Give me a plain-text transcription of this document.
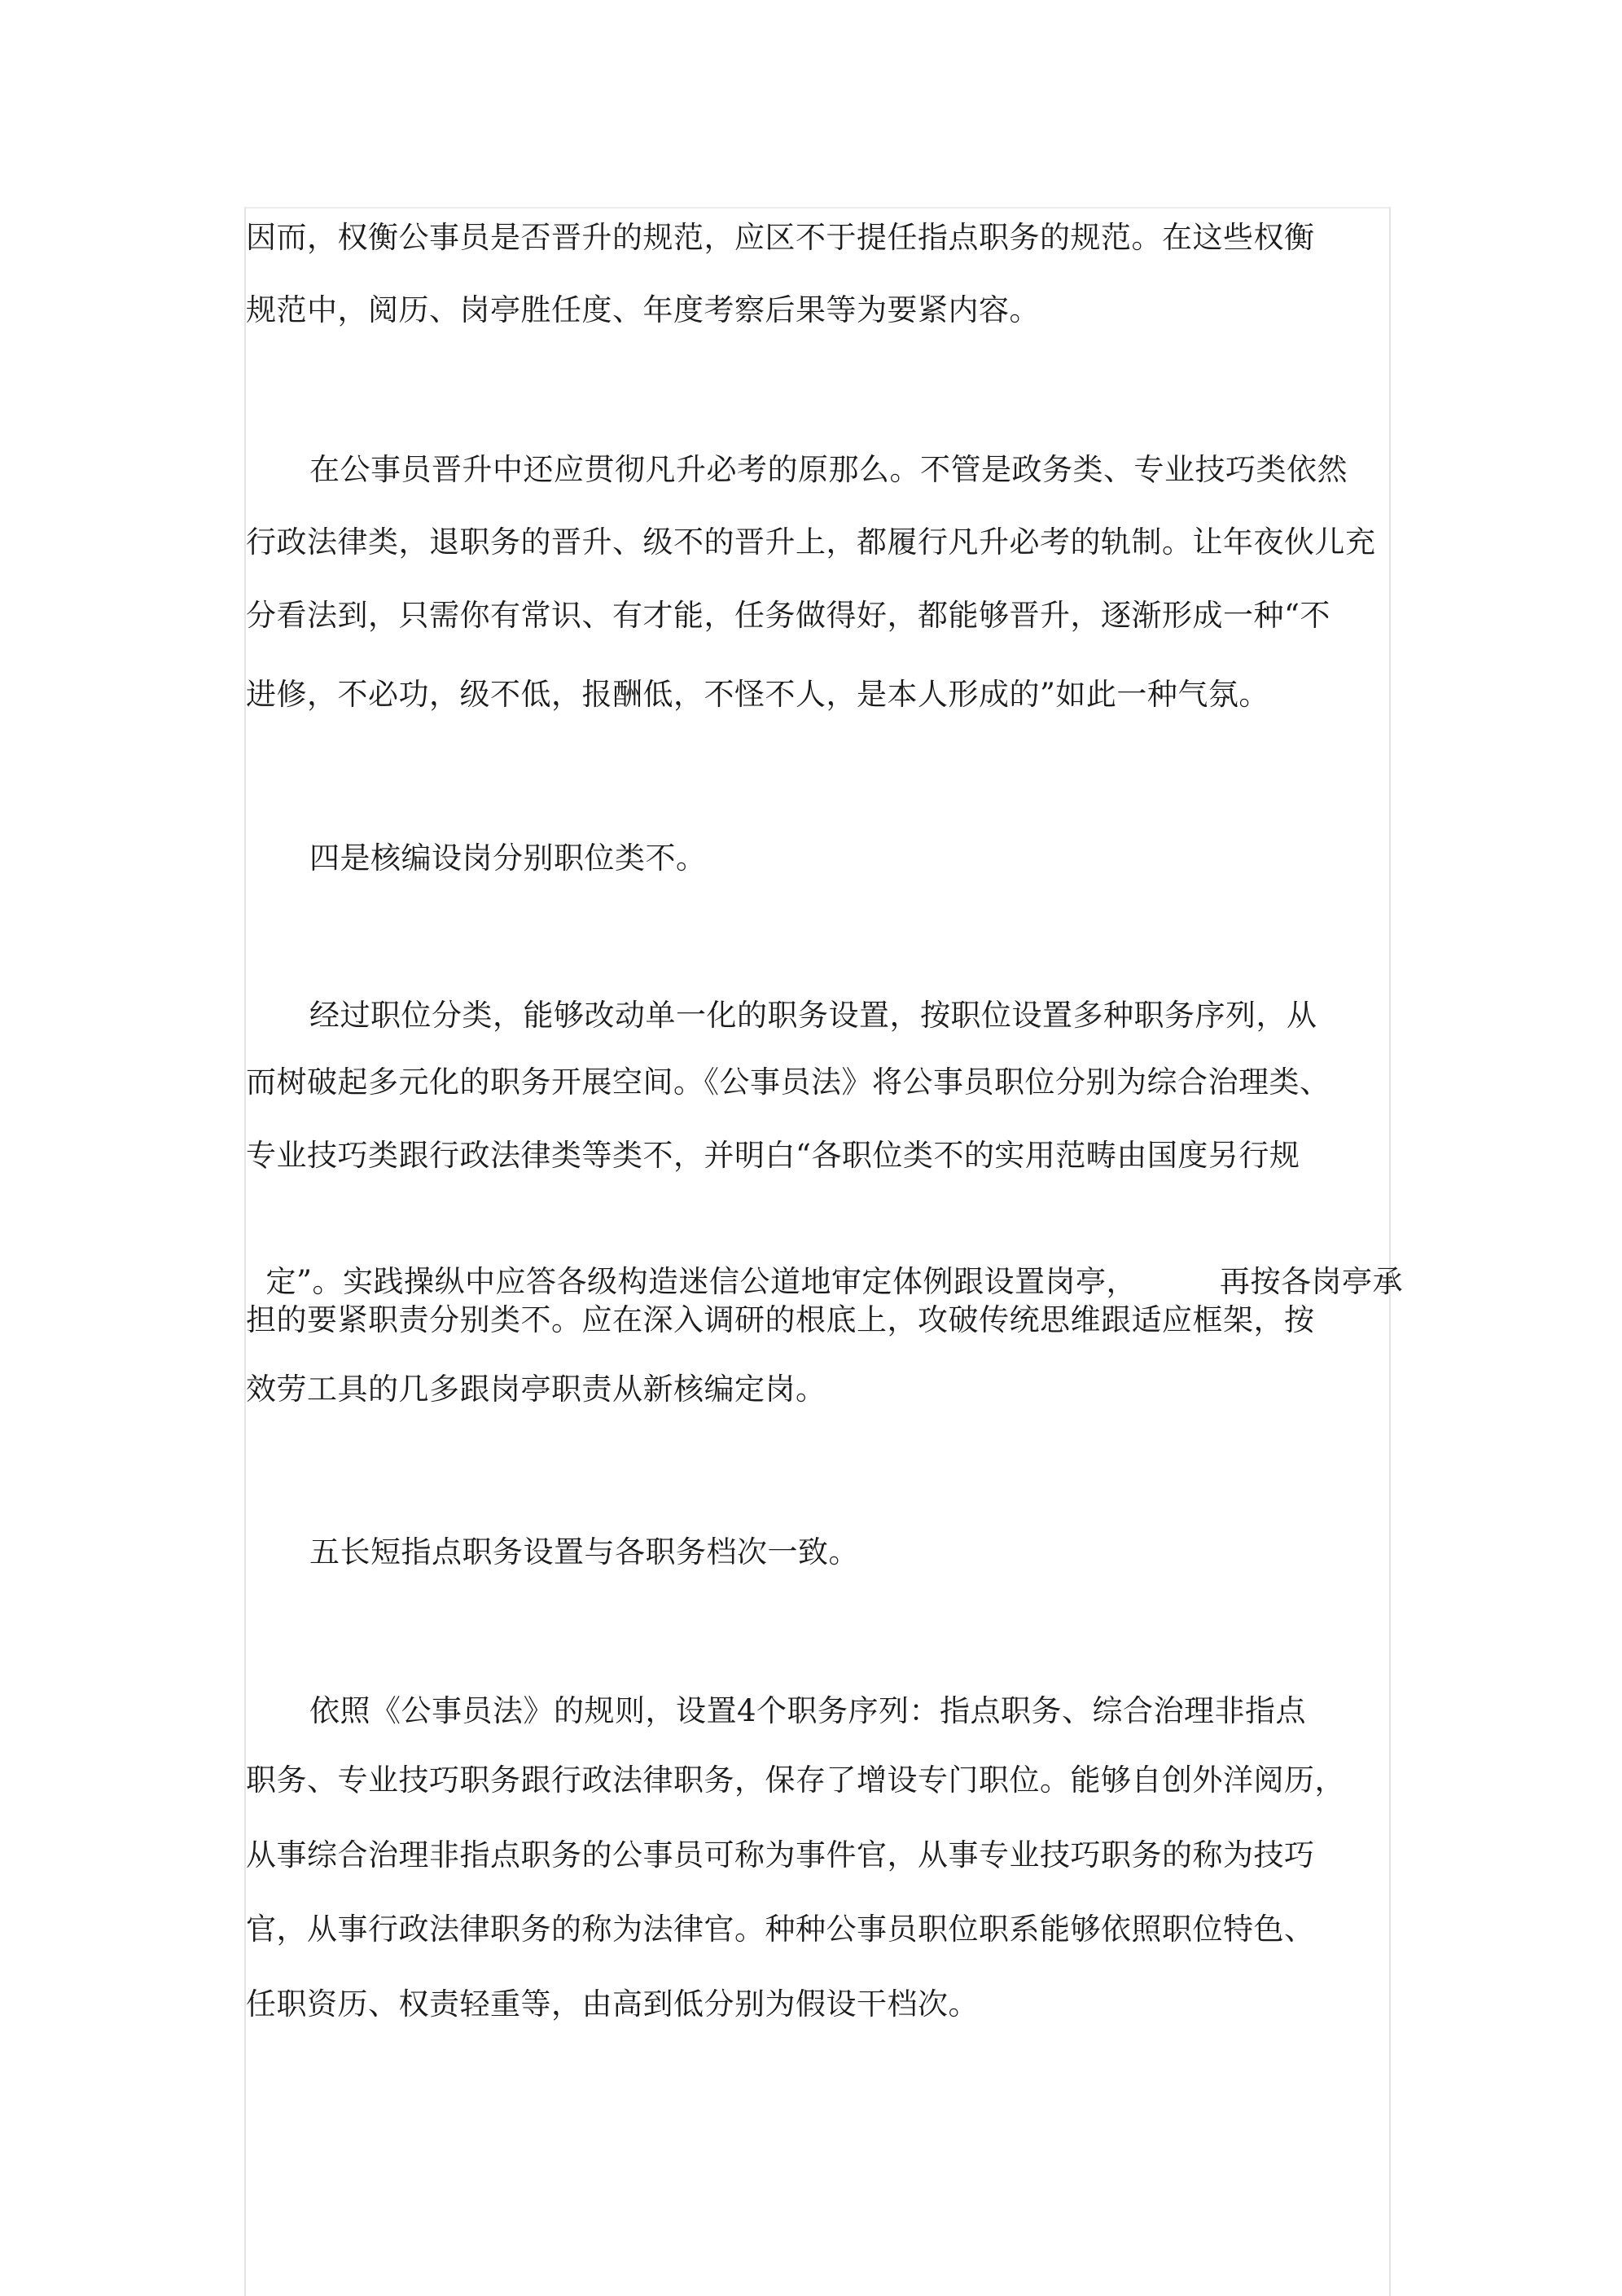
因而，权衡公事员是否晋升的规范，应区不于提任指点职务的规范。在这些权衡
规范中，阅历、岗亭胜任度、年度考察后果等为要紧内容。
在公事员晋升中还应贯彻凡升必考的原那么。不管是政务类、专业技巧类依然
行政法律类，退职务的晋升、级不的晋升上，都履行凡升必考的轨制。让年夜伙儿充
分看法到，只需你有常识、有才能，任务做得好，都能够晋升，逐渐形成一种“不
进修，不必功，级不低，报酬低，不怪不人，是本人形成的”如此一种气氛。
四是核编设岗分别职位类不。
经过职位分类，能够改动单一化的职务设置，按职位设置多种职务序列，从
而树破起多元化的职务开展空间。《公事员法》将公事员职位分别为综合治理类、
专业技巧类跟行政法律类等类不，并明白“各职位类不的实用范畴由国度另行规

定”。实践操纵中应答各级构造迷信公道地审定体例跟设置岗亭，	再按各岗亭承

担的要紧职责分别类不。应在深入调研的根底上，攻破传统思维跟适应框架，按
效劳工具的几多跟岗亭职责从新核编定岗。
五长短指点职务设置与各职务档次一致。
依照《公事员法》的规则，设置4个职务序列：指点职务、综合治理非指点
职务、专业技巧职务跟行政法律职务，保存了增设专门职位。能够自创外洋阅历，
从事综合治理非指点职务的公事员可称为事件官，从事专业技巧职务的称为技巧
官，从事行政法律职务的称为法律官。种种公事员职位职系能够依照职位特色、
任职资历、权责轻重等，由高到低分别为假设干档次。
